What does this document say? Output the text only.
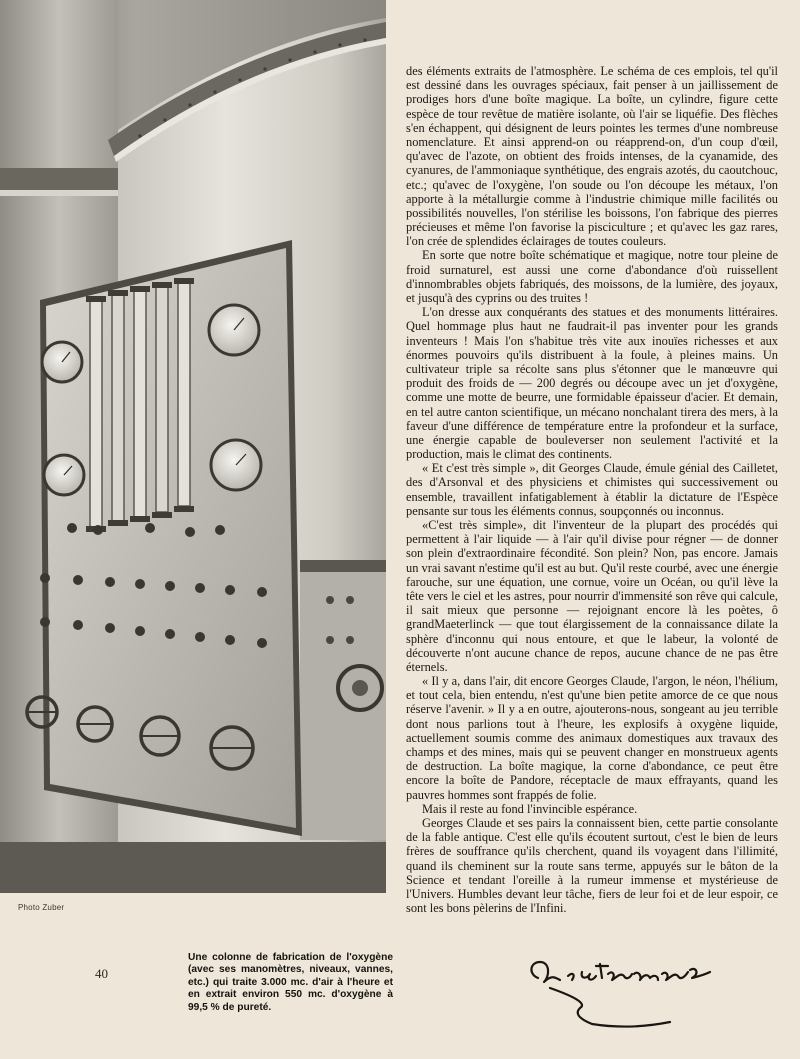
Photo Zuber
40
Une colonne de fabrication de l'oxygène (avec ses manomètres, niveaux, vannes, etc.) qui traite 3.000 mc. d'air à l'heure et en extrait environ 550 mc. d'oxygène à 99,5 % de pureté.

des éléments extraits de l'atmosphère. Le schéma de ces emplois, tel qu'il est dessiné dans les ouvrages spéciaux, fait penser à un jaillissement de prodiges hors d'une boîte magique. La boîte, un cylindre, figure cette espèce de tour revêtue de matière isolante, où l'air se liquéfie. Des flèches s'en échappent, qui désignent de leurs pointes les termes d'une nombreuse nomenclature. Et ainsi apprend-on ou réapprend-on, d'un coup d'œil, qu'avec de l'azote, on obtient des froids intenses, de la cyanamide, des cyanures, de l'ammoniaque synthétique, des engrais azotés, du caoutchouc, etc.; qu'avec de l'oxygène, l'on soude ou l'on découpe les métaux, l'on apporte à la métallurgie comme à l'industrie chimique mille facilités ou possibilités nouvelles, l'on stérilise les boissons, l'on fabrique des pierres précieuses et même l'on favorise la pisciculture ; et qu'avec les gaz rares, l'on crée de splendides éclairages de toutes couleurs.

En sorte que notre boîte schématique et magique, notre tour pleine de froid surnaturel, est aussi une corne d'abondance d'où ruissellent d'innombrables objets fabriqués, des moissons, de la lumière, des joyaux, et jusqu'à des cyprins ou des truites !

L'on dresse aux conquérants des statues et des monuments littéraires. Quel hommage plus haut ne faudrait-il pas inventer pour les grands inventeurs ! Mais l'on s'habitue très vite aux inouïes richesses et aux énormes pouvoirs qu'ils distribuent à la foule, à pleines mains. Un cultivateur triple sa récolte sans plus s'étonner que le manœuvre qui produit des froids de — 200 degrés ou découpe avec un jet d'oxygène, comme une motte de beurre, une formidable épaisseur d'acier. Et demain, en tel autre canton scientifique, un mécano nonchalant tirera des mers, à la faveur d'une différence de température entre la profondeur et la surface, une énergie capable de bouleverser non seulement l'activité et la production, mais le climat des continents.

« Et c'est très simple », dit Georges Claude, émule génial des Cailletet, des d'Arsonval et des physiciens et chimistes qui successivement ou ensemble, travaillent infatigablement à établir la dictature de l'Espèce pensante sur tous les éléments connus, soupçonnés ou inconnus.

«C'est très simple», dit l'inventeur de la plupart des procédés qui permettent à l'air liquide — à l'air qu'il divise pour régner — de donner son plein d'extraordinaire fécondité. Son plein? Non, pas encore. Jamais un vrai savant n'estime qu'il est au but. Qu'il reste courbé, avec une énergie farouche, sur une équation, une cornue, voire un Océan, ou qu'il lève la tête vers le ciel et les astres, pour nourrir d'immensité son rêve qui calcule, il sait mieux que personne — rejoignant encore là les poètes, ô grandMaeterlinck — que tout élargissement de la connaissance dilate la sphère d'inconnu qui nous entoure, et que le labeur, la volonté de découverte n'ont aucune chance de repos, aucune chance de ne pas être éternels.

« Il y a, dans l'air, dit encore Georges Claude, l'argon, le néon, l'hélium, et tout cela, bien entendu, n'est qu'une bien petite amorce de ce que nous réserve l'avenir. » Il y a en outre, ajouterons-nous, songeant au jeu terrible dont nous parlions tout à l'heure, les explosifs à oxygène liquide, actuellement soumis comme des animaux domestiques aux travaux des champs et des mines, mais qui se peuvent changer en monstrueux agents de destruction. La boîte magique, la corne d'abondance, ce peut être encore la boîte de Pandore, réceptacle de maux effrayants, quand les pauvres hommes sont frappés de folie.

Mais il reste au fond l'invincible espérance.

Georges Claude et ses pairs la connaissent bien, cette partie consolante de la fable antique. C'est elle qu'ils écoutent surtout, c'est le bien de leurs frères de souffrance qu'ils cherchent, quand ils voyagent dans l'illimité, quand ils cheminent sur la route sans terme, appuyés sur le bâton de la Science et tendant l'oreille à la rumeur immense et mystérieuse de l'Univers. Humbles devant leur tâche, fiers de leur foi et de leur espoir, ce sont les bons pèlerins de l'Infini.
